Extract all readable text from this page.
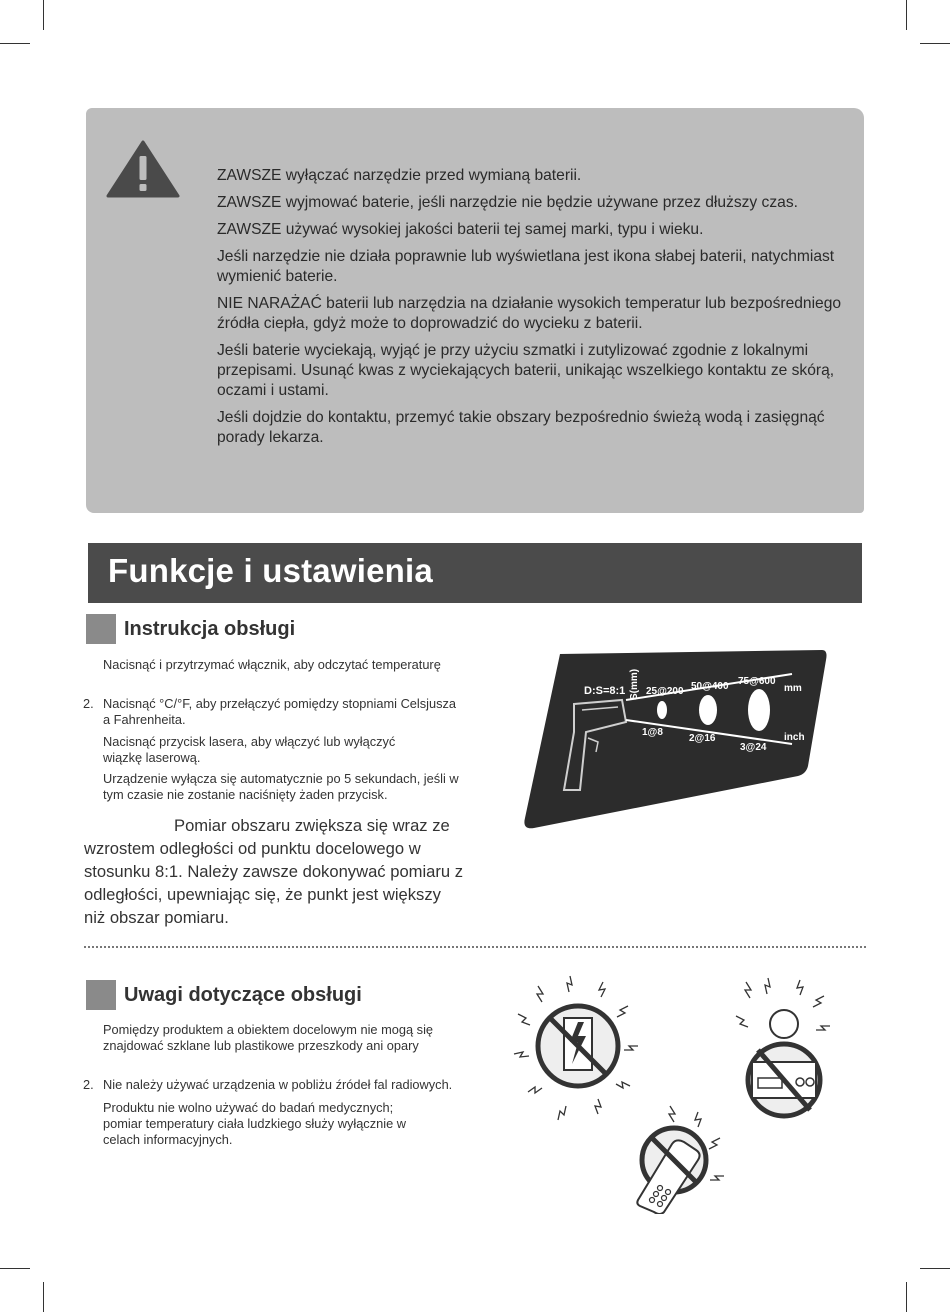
ZAWSZE wyłączać narzędzie przed wymianą baterii.

ZAWSZE wyjmować baterie, jeśli narzędzie nie będzie używane przez dłuższy czas.

ZAWSZE używać wysokiej jakości baterii tej samej marki, typu i wieku.

Jeśli narzędzie nie działa poprawnie lub wyświetlana jest ikona słabej baterii, natychmiast wymienić baterie.

NIE NARAŻAĆ baterii lub narzędzia na działanie wysokich temperatur lub bezpośredniego źródła ciepła, gdyż może to doprowadzić do wycieku z baterii.

Jeśli baterie wyciekają, wyjąć je przy użyciu szmatki i zutylizować zgodnie z lokalnymi przepisami. Usunąć kwas z wyciekających baterii, unikając wszelkiego kontaktu ze skórą, oczami i ustami.

Jeśli dojdzie do kontaktu, przemyć takie obszary bezpośrednio świeżą wodą i zasięgnąć porady lekarza.

Funkcje i ustawienia
Instrukcja obsługi
Nacisnąć i przytrzymać włącznik, aby odczytać temperaturę
2. Nacisnąć °C/°F, aby przełączyć pomiędzy stopniami Celsjusza a Fahrenheita.
Nacisnąć przycisk lasera, aby włączyć lub wyłączyć wiązkę laserową.
Urządzenie wyłącza się automatycznie po 5 sekundach, jeśli w tym czasie nie zostanie naciśnięty żaden przycisk.
Pomiar obszaru zwiększa się wraz ze wzrostem odległości od punktu docelowego w stosunku 8:1. Należy zawsze dokonywać pomiaru z odległości, upewniając się, że punkt jest większy niż obszar pomiaru.
D:S=8:1 S(mm) 25@200 50@400 75@600
mm
1@8
2@16
3@24
inch
Uwagi dotyczące obsługi
Pomiędzy produktem a obiektem docelowym nie mogą się znajdować szklane lub plastikowe przeszkody ani opary
2. Nie należy używać urządzenia w pobliżu źródeł fal radiowych.
Produktu nie wolno używać do badań medycznych; pomiar temperatury ciała ludzkiego służy wyłącznie w celach informacyjnych.
